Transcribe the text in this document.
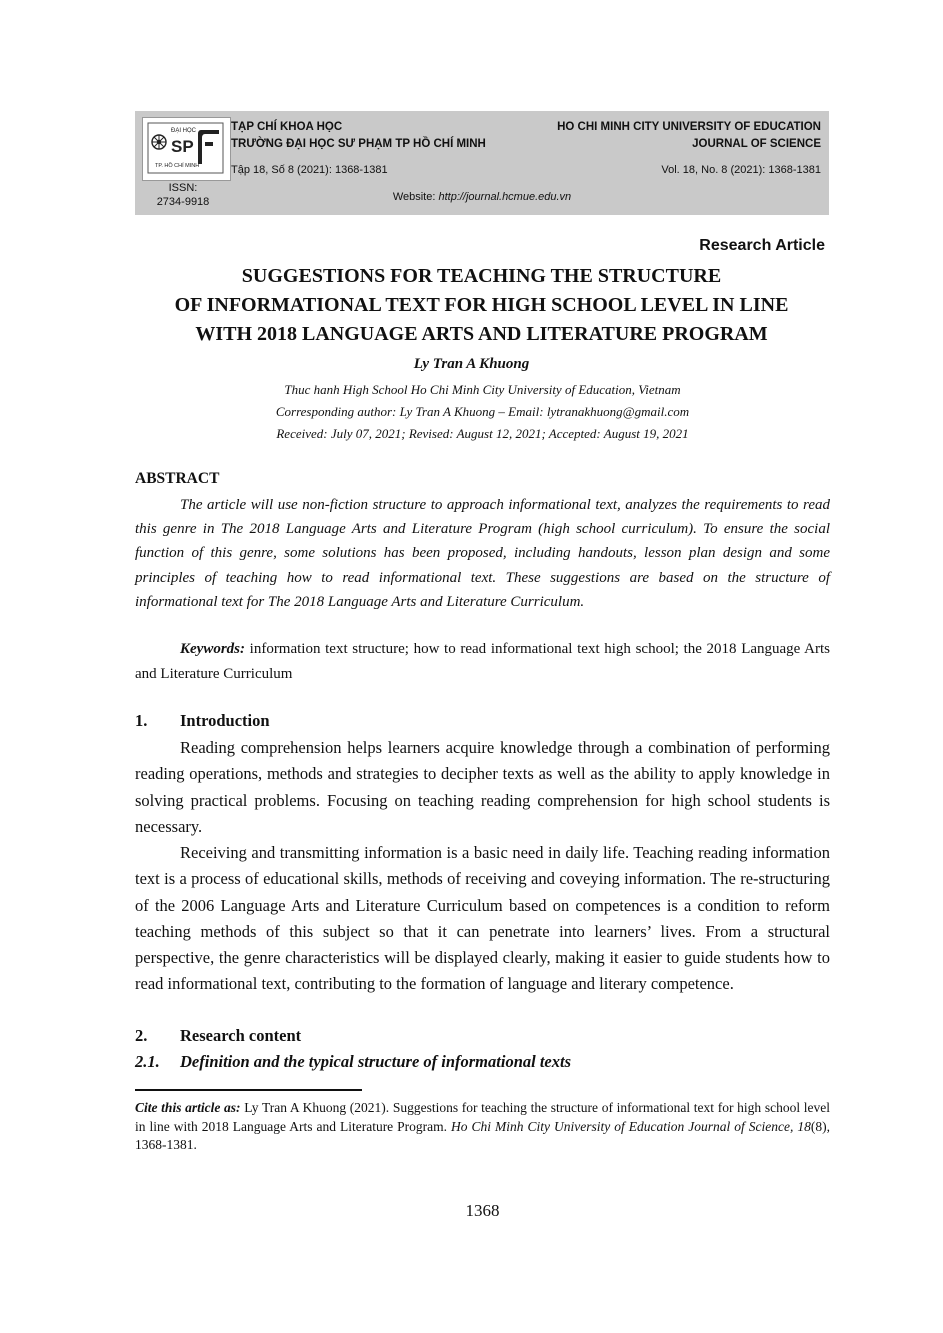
ĐẠI HỌC
SP
TP. HỒ CHÍ MINH
ISSN:
2734-9918
TẠP CHÍ KHOA HỌC
TRƯỜNG ĐẠI HỌC SƯ PHẠM TP HỒ CHÍ MINH
HO CHI MINH CITY UNIVERSITY OF EDUCATION
JOURNAL OF SCIENCE
Tập 18, Số 8 (2021): 1368-1381	Vol. 18, No. 8 (2021): 1368-1381
Website: http://journal.hcmue.edu.vn
Research Article
SUGGESTIONS FOR TEACHING THE STRUCTURE
OF INFORMATIONAL TEXT FOR HIGH SCHOOL LEVEL IN LINE
WITH 2018 LANGUAGE ARTS AND LITERATURE PROGRAM
Ly Tran A Khuong
Thuc hanh High School Ho Chi Minh City University of Education, Vietnam
Corresponding author: Ly Tran A Khuong – Email: lytranakhuong@gmail.com
Received: July 07, 2021; Revised: August 12, 2021; Accepted: August 19, 2021
ABSTRACT
The article will use non-fiction structure to approach informational text, analyzes the requirements to read this genre in The 2018 Language Arts and Literature Program (high school curriculum). To ensure the social function of this genre, some solutions has been proposed, including handouts, lesson plan design and some principles of teaching how to read informational text. These suggestions are based on the structure of informational text for The 2018 Language Arts and Literature Curriculum.
Keywords: information text structure; how to read informational text high school; the 2018 Language Arts and Literature Curriculum
1. Introduction
Reading comprehension helps learners acquire knowledge through a combination of performing reading operations, methods and strategies to decipher texts as well as the ability to apply knowledge in solving practical problems. Focusing on teaching reading comprehension for high school students is necessary.
Receiving and transmitting information is a basic need in daily life. Teaching reading information text is a process of educational skills, methods of receiving and coveying information. The re-structuring of the 2006 Language Arts and Literature Curriculum based on competences is a condition to reform teaching methods of this subject so that it can penetrate into learners’ lives. From a structural perspective, the genre characteristics will be displayed clearly, making it easier to guide students how to read informational text, contributing to the formation of language and literary competence.
2. Research content
2.1. Definition and the typical structure of informational texts
Cite this article as: Ly Tran A Khuong (2021). Suggestions for teaching the structure of informational text for high school level in line with 2018 Language Arts and Literature Program. Ho Chi Minh City University of Education Journal of Science, 18(8), 1368-1381.
1368
